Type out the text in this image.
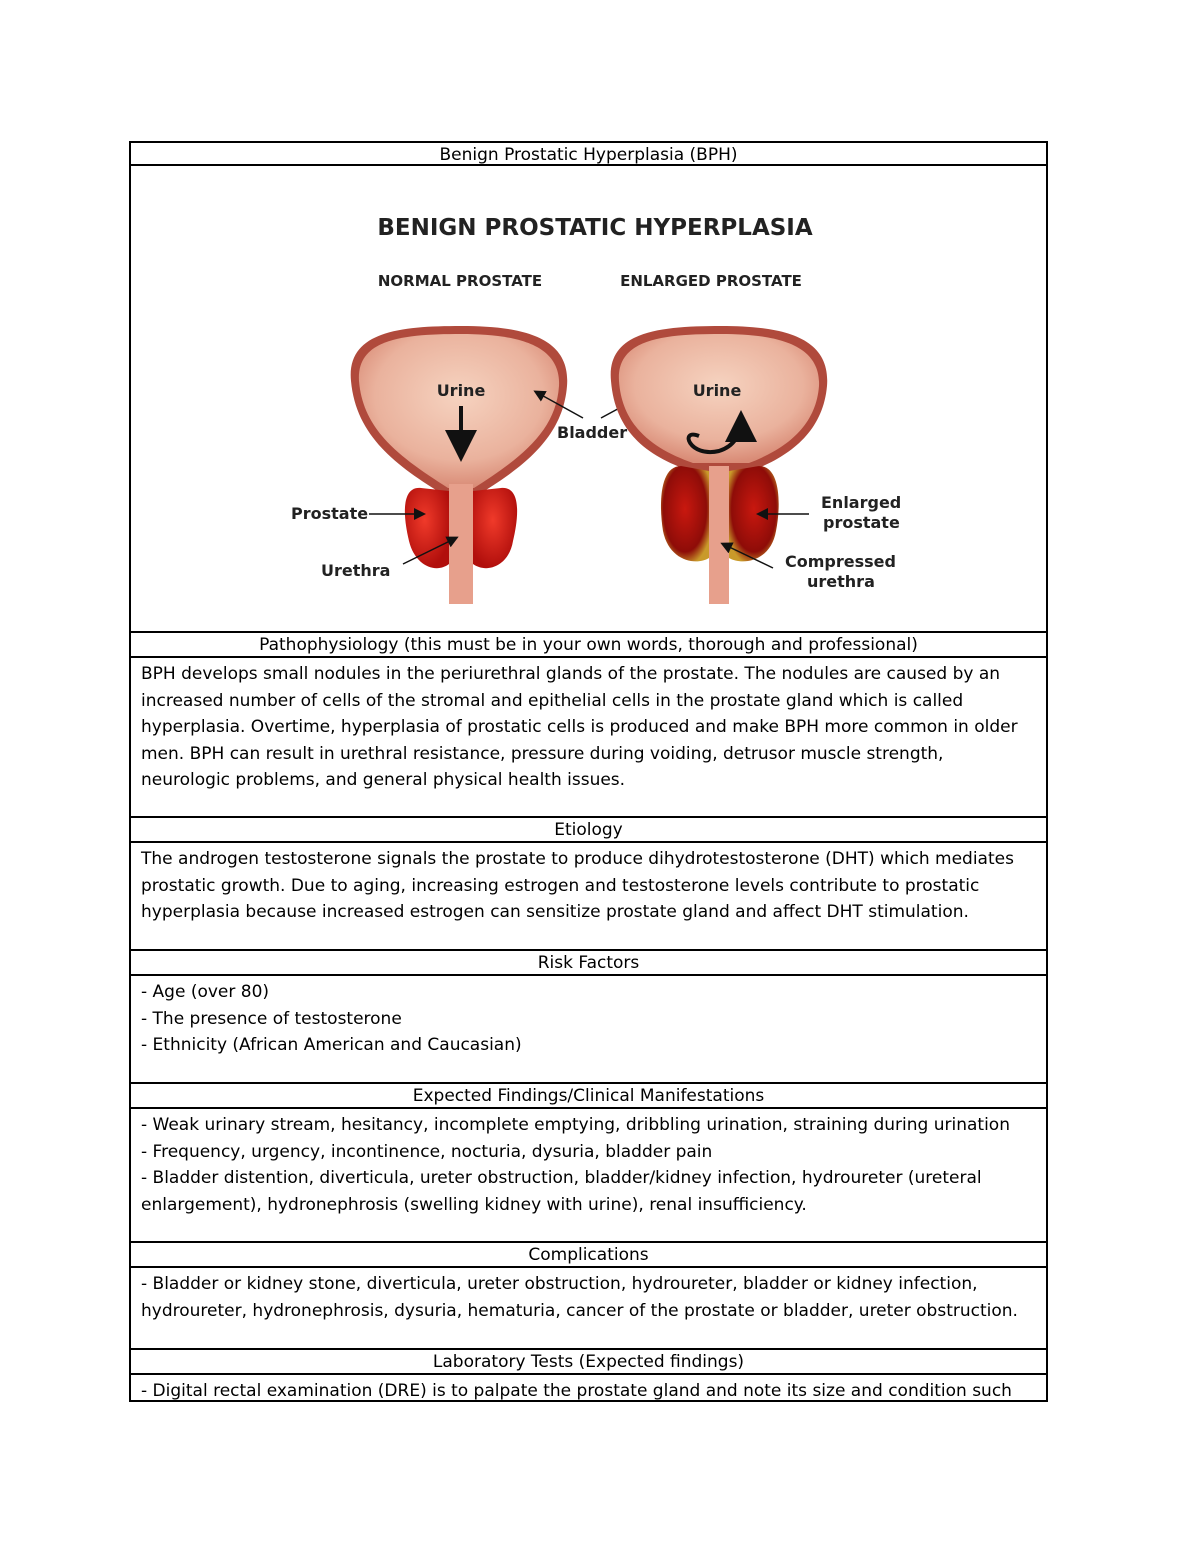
Benign Prostatic Hyperplasia (BPH)
BENIGN PROSTATIC HYPERPLASIA
NORMAL PROSTATE	ENLARGED PROSTATE
Urine
Prostate
Urethra
Bladder
Urine
Enlarged
prostate
Compressed
urethra
Pathophysiology (this must be in your own words, thorough and professional)

BPH develops small nodules in the periurethral glands of the prostate. The nodules are caused by an increased number of cells of the stromal and epithelial cells in the prostate gland which is called hyperplasia. Overtime, hyperplasia of prostatic cells is produced and make BPH more common in older men. BPH can result in urethral resistance, pressure during voiding, detrusor muscle strength, neurologic problems, and general physical health issues.

Etiology

The androgen testosterone signals the prostate to produce dihydrotestosterone (DHT) which mediates prostatic growth. Due to aging, increasing estrogen and testosterone levels contribute to prostatic hyperplasia because increased estrogen can sensitize prostate gland and affect DHT stimulation.

Risk Factors

- Age (over 80)

- The presence of testosterone

- Ethnicity (African American and Caucasian)

Expected Findings/Clinical Manifestations

- Weak urinary stream, hesitancy, incomplete emptying, dribbling urination, straining during urination

- Frequency, urgency, incontinence, nocturia, dysuria, bladder pain

- Bladder distention, diverticula, ureter obstruction, bladder/kidney infection, hydroureter (ureteral enlargement), hydronephrosis (swelling kidney with urine), renal insufficiency.

Complications

- Bladder or kidney stone, diverticula, ureter obstruction, hydroureter, bladder or kidney infection, hydroureter, hydronephrosis, dysuria, hematuria, cancer of the prostate or bladder, ureter obstruction.

Laboratory Tests (Expected findings)

- Digital rectal examination (DRE) is to palpate the prostate gland and note its size and condition such
